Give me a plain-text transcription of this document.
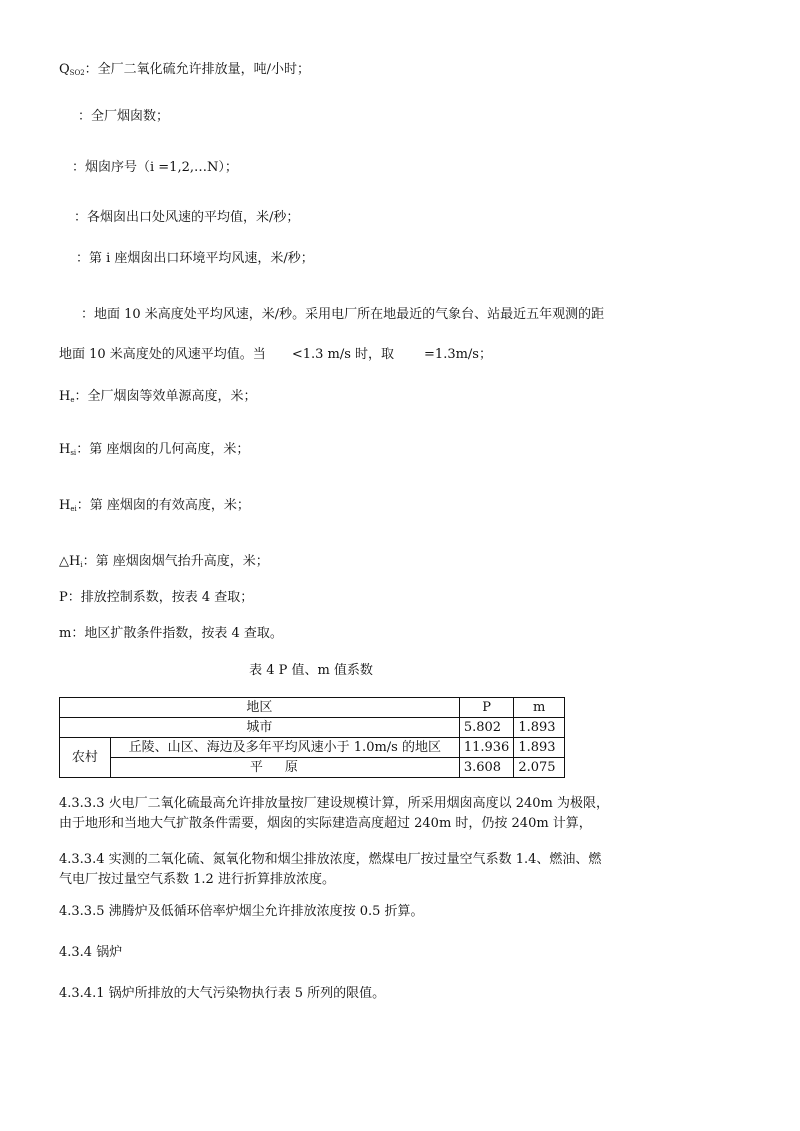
$Q_{SO2}$：全厂二氧化硫允许排放量，吨/小时；
：全厂烟囱数；
：烟囱序号（i =1,2,…N）；
：各烟囱出口处风速的平均值，米/秒；
：第 i 座烟囱出口环境平均风速，米/秒；
：地面 10 米高度处平均风速，米/秒。采用电厂所在地最近的气象台、站最近五年观测的距
地面 10 米高度处的风速平均值。当 <1.3 m/s 时，取 =1.3m/s；
$H_e$：全厂烟囱等效单源高度，米；
$H_{si}$：第 座烟囱的几何高度，米；
$H_{ei}$：第 座烟囱的有效高度，米；
$\triangle H_i$：第 座烟囱烟气抬升高度，米；
P：排放控制系数，按表 4 查取；
m：地区扩散条件指数，按表 4 查取。
表 4 P 值、m 值系数
地区		P	m
城市		5.802	1.893
农村	丘陵、山区、海边及多年平均风速小于 1.0m/s 的地区	11.936	1.893
	平原	3.608	2.075
4.3.3.3 火电厂二氧化硫最高允许排放量按厂建设规模计算，所采用烟囱高度以 240m 为极限，
由于地形和当地大气扩散条件需要，烟囱的实际建造高度超过 240m 时，仍按 240m 计算，
4.3.3.4 实测的二氧化硫、氮氧化物和烟尘排放浓度，燃煤电厂按过量空气系数 1.4、燃油、燃
气电厂按过量空气系数 1.2 进行折算排放浓度。
4.3.3.5 沸腾炉及低循环倍率炉烟尘允许排放浓度按 0.5 折算。
4.3.4 锅炉
4.3.4.1 锅炉所排放的大气污染物执行表 5 所列的限值。
